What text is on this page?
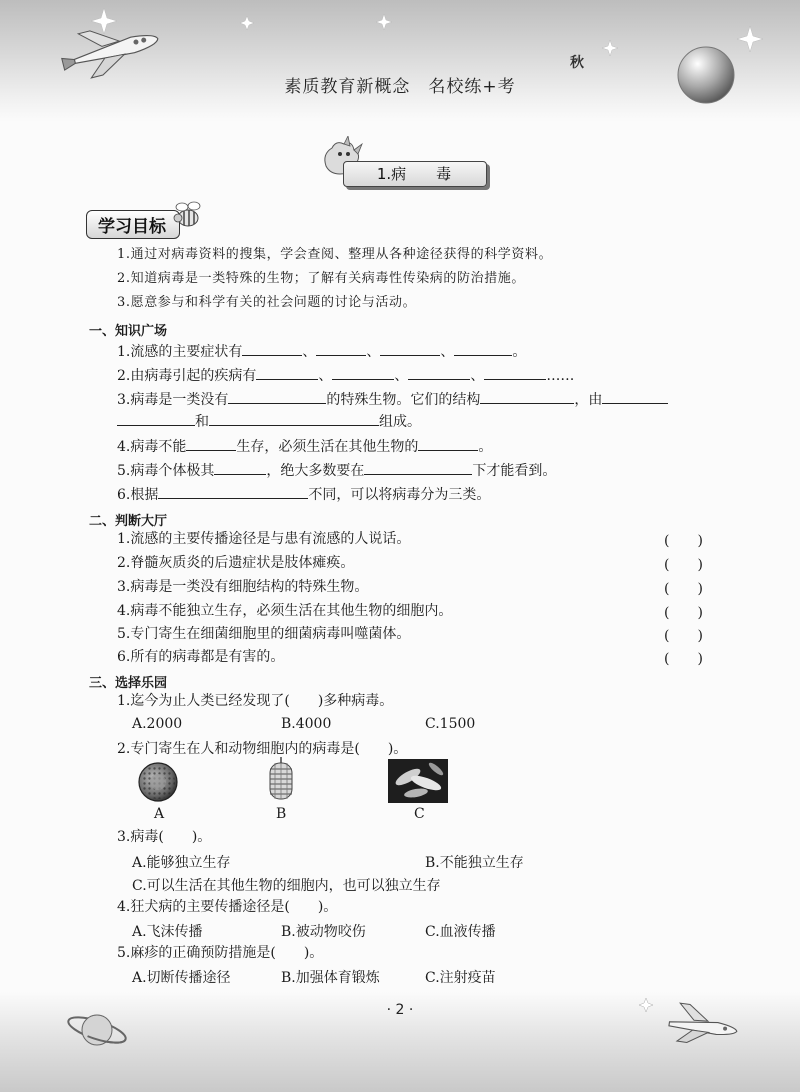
素质教育新概念　名校练+考
秋
1.病　　毒
学习目标
1.通过对病毒资料的搜集，学会查阅、整理从各种途径获得的科学资料。
2.知道病毒是一类特殊的生物；了解有关病毒性传染病的防治措施。
3.愿意参与和科学有关的社会问题的讨论与活动。
一、知识广场
1.流感的主要症状有	、	、	、	。
2.由病毒引起的疾病有	、	、	、	……
3.病毒是一类没有	的特殊生物。它们的结构	，由
和	组成。
4.病毒不能	生存，必须生活在其他生物的	。
5.病毒个体极其	，绝大多数要在	下才能看到。
6.根据	不同，可以将病毒分为三类。
二、判断大厅
1.流感的主要传播途径是与患有流感的人说话。	(　　)
2.脊髓灰质炎的后遗症状是肢体瘫痪。	(　　)
3.病毒是一类没有细胞结构的特殊生物。	(　　)
4.病毒不能独立生存，必须生活在其他生物的细胞内。	(　　)
5.专门寄生在细菌细胞里的细菌病毒叫噬菌体。	(　　)
6.所有的病毒都是有害的。	(　　)
三、选择乐园
1.迄今为止人类已经发现了(　　)多种病毒。
A.2000	B.4000	C.1500
2.专门寄生在人和动物细胞内的病毒是(　　)。
A	B	C
3.病毒(　　)。
A.能够独立生存	B.不能独立生存
C.可以生活在其他生物的细胞内，也可以独立生存
4.狂犬病的主要传播途径是(　　)。
A.飞沫传播	B.被动物咬伤	C.血液传播
5.麻疹的正确预防措施是(　　)。
A.切断传播途径	B.加强体育锻炼	C.注射疫苗
· 2 ·
